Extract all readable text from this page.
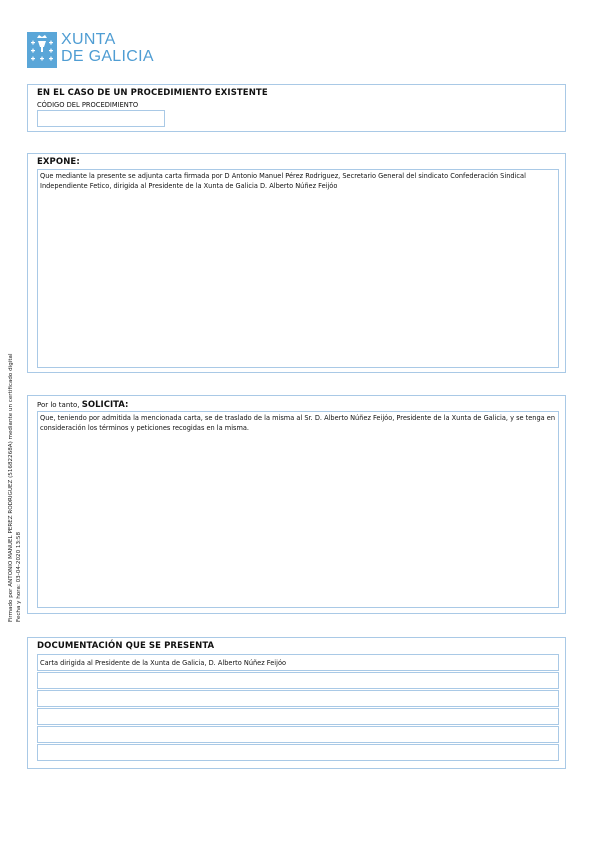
XUNTA
DE GALICIA
EN EL CASO DE UN PROCEDIMIENTO EXISTENTE
CÓDIGO DEL PROCEDIMIENTO
EXPONE:
Que mediante la presente se adjunta carta firmada por D Antonio Manuel Pérez Rodriguez, Secretario General del sindicato Confederación Sindical Independiente Fetico, dirigida al Presidente de la Xunta de Galicia D. Alberto Núñez Feijóo
Por lo tanto, SOLICITA:
Que, teniendo por admitida la mencionada carta, se de traslado de la misma al Sr. D. Alberto Núñez Feijóo, Presidente de la Xunta de Galicia, y se tenga en consideración los términos y peticiones recogidas en la misma.
DOCUMENTACIÓN QUE SE PRESENTA
Carta dirigida al Presidente de la Xunta de Galicia, D. Alberto Núñez Feijóo
Firmado por ANTONIO MANUEL PEREZ RODRIGUEZ (51682268A) mediante un certificado digital Fecha y hora: 03-04-2020 13:58
